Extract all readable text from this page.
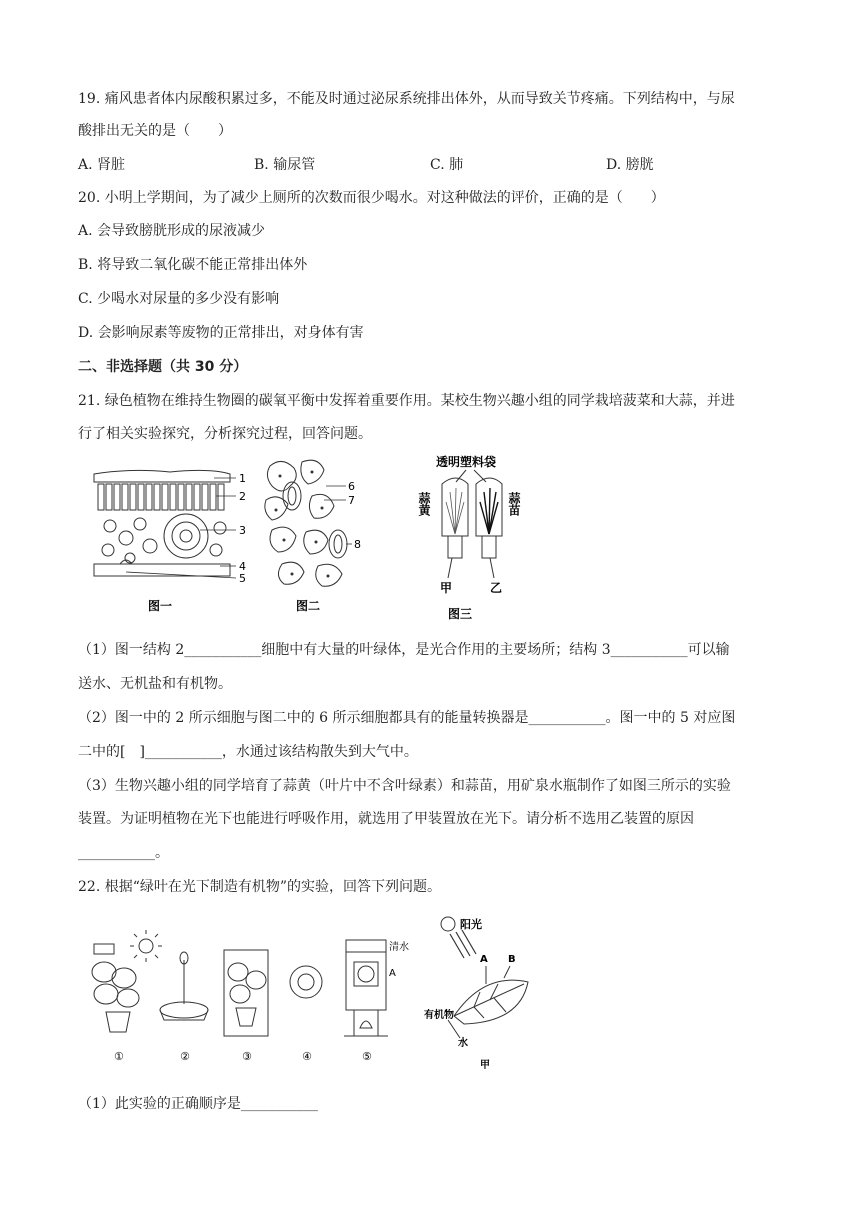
19. 痛风患者体内尿酸积累过多，不能及时通过泌尿系统排出体外，从而导致关节疼痛。下列结构中，与尿
酸排出无关的是（　　）
A. 肾脏	B. 输尿管	C. 肺	D. 膀胱
20. 小明上学期间，为了减少上厕所的次数而很少喝水。对这种做法的评价，正确的是（　　）
A. 会导致膀胱形成的尿液减少
B. 将导致二氧化碳不能正常排出体外
C. 少喝水对尿量的多少没有影响
D. 会影响尿素等废物的正常排出，对身体有害
二、非选择题（共 30 分）
21. 绿色植物在维持生物圈的碳氧平衡中发挥着重要作用。某校生物兴趣小组的同学栽培菠菜和大蒜，并进
行了相关实验探究，分析探究过程，回答问题。
1
2
3
4
5
图一
6
7
8
图二
透明塑料袋
蒜黄	蒜苗
甲	乙
图三
（1）图一结构 2___________细胞中有大量的叶绿体，是光合作用的主要场所；结构 3___________可以输
送水、无机盐和有机物。
（2）图一中的 2 所示细胞与图二中的 6 所示细胞都具有的能量转换器是___________。图一中的 5 对应图
二中的[　]___________，水通过该结构散失到大气中。
（3）生物兴趣小组的同学培育了蒜黄（叶片中不含叶绿素）和蒜苗，用矿泉水瓶制作了如图三所示的实验
装置。为证明植物在光下也能进行呼吸作用，就选用了甲装置放在光下。请分析不选用乙装置的原因
___________。
22. 根据“绿叶在光下制造有机物”的实验，回答下列问题。
清水
A
①	②	③	④	⑤
阳光
A B
有机物
水
甲
（1）此实验的正确顺序是___________
